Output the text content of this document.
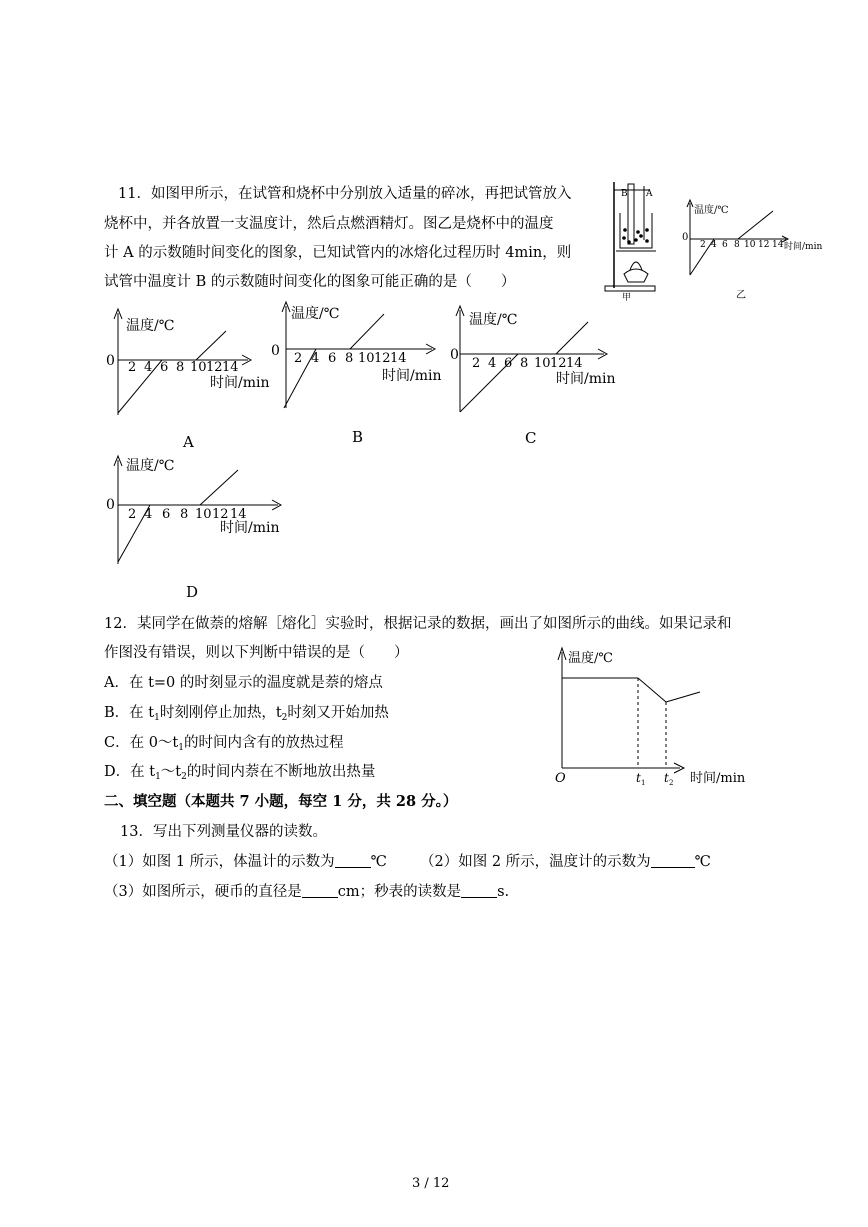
11．如图甲所示，在试管和烧杯中分别放入适量的碎冰，再把试管放入
烧杯中，并各放置一支温度计，然后点燃酒精灯。图乙是烧杯中的温度
计 A 的示数随时间变化的图象，已知试管内的冰熔化过程历时 4min，则
试管中温度计 B 的示数随时间变化的图象可能正确的是（　　）
B A
甲
温度/℃
0
2 4 6 8 10 12 14 时间/min
乙
温度/℃
0 2 4 6 8 10 12 14
时间/min
A
温度/℃
0 2 4 6 8 10 12 14
时间/min
B
温度/℃
0
2 4 6 8 10 12 14
时间/min
C
温度/℃
0
2 4 6 8 10 12 14
时间/min
D
12．某同学在做萘的熔解［熔化］实验时，根据记录的数据，画出了如图所示的曲线。如果记录和
作图没有错误，则以下判断中错误的是（　　）
A．在 t=0 的时刻显示的温度就是萘的熔点
B．在 $t_1$时刻刚停止加热，$t_2$时刻又开始加热
C．在 $0\sim t_1$的时间内含有的放热过程
D．在 $t_1\sim t_2$的时间内萘在不断地放出热量
温度/℃
O	t 1 t 2 时间/min
二、填空题（本题共 7 小题，每空 1 分，共 28 分。）
13．写出下列测量仪器的读数。
（1）如图 1 所示，体温计的示数为 ℃ （2）如图 2 所示，温度计的示数为	℃
（3）如图所示，硬币的直径是 cm；秒表的读数是 s.
3 / 12
